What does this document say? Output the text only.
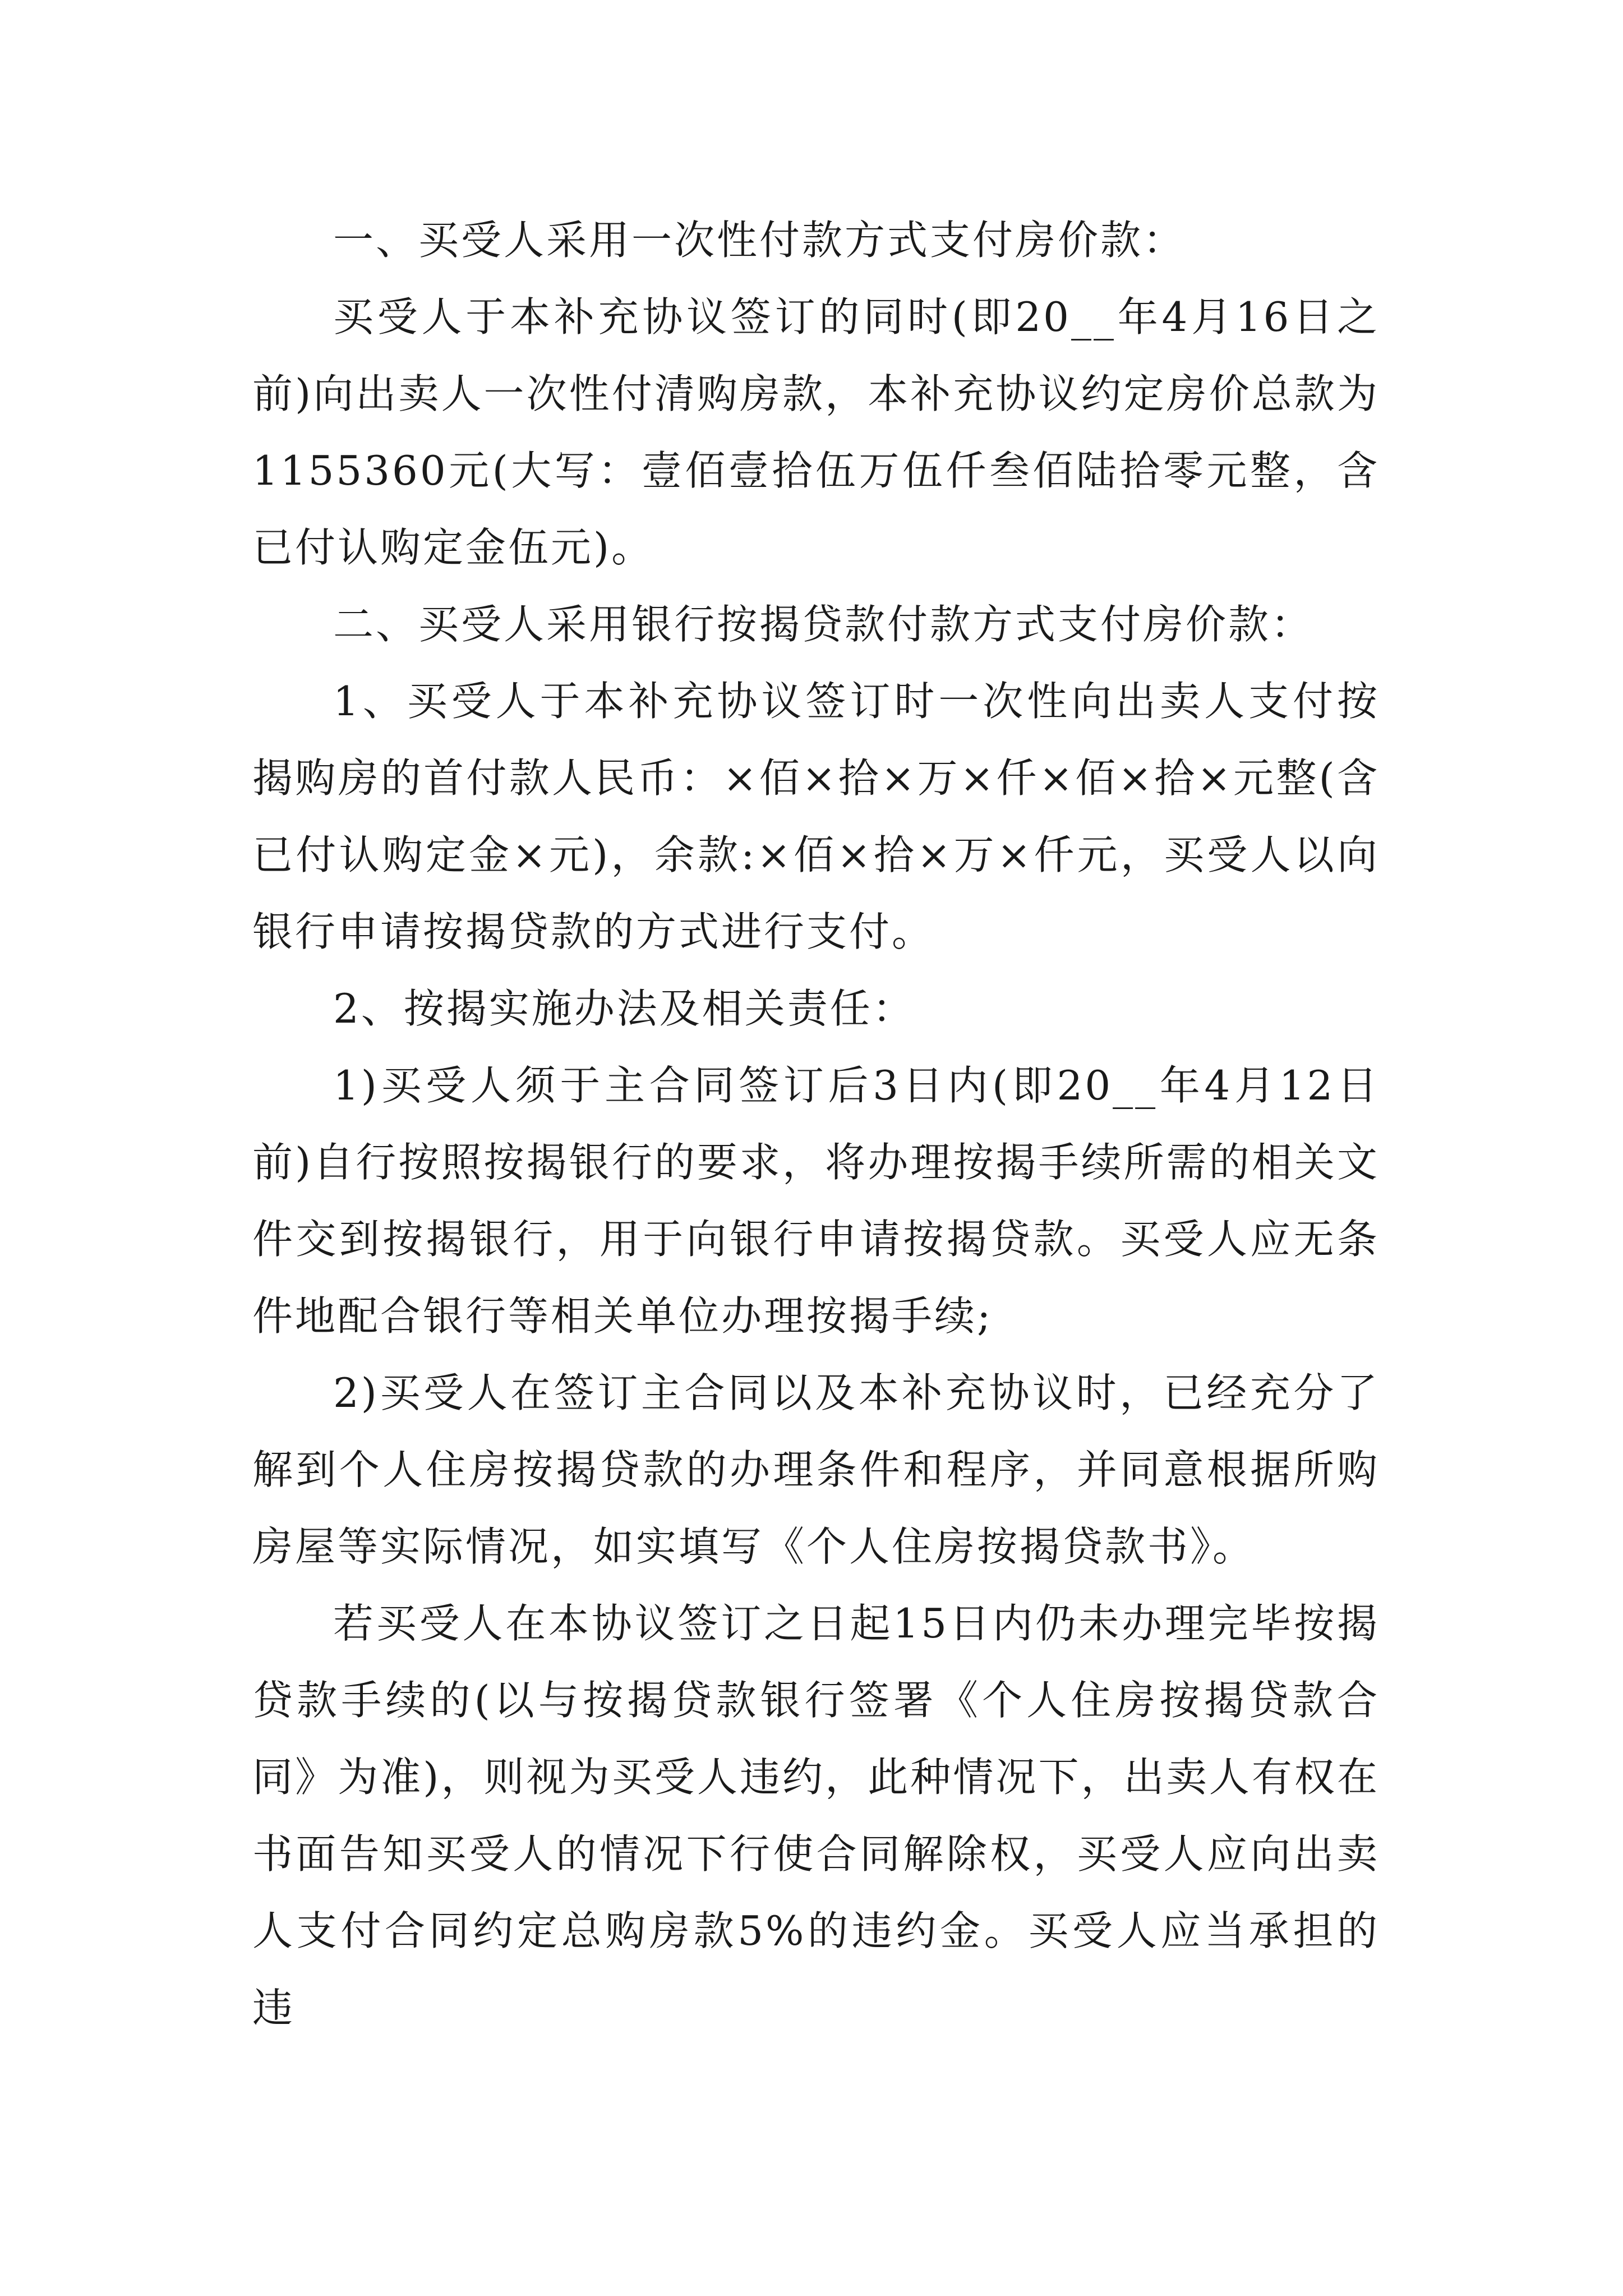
一、买受人采用一次性付款方式支付房价款：

买受人于本补充协议签订的同时(即20__年4月16日之前)向出卖人一次性付清购房款，本补充协议约定房价总款为1155360元(大写：壹佰壹拾伍万伍仟叁佰陆拾零元整，含已付认购定金伍元)。

二、买受人采用银行按揭贷款付款方式支付房价款：

1、买受人于本补充协议签订时一次性向出卖人支付按揭购房的首付款人民币：×佰×拾×万×仟×佰×拾×元整(含已付认购定金×元)，余款:×佰×拾×万×仟元，买受人以向银行申请按揭贷款的方式进行支付。

2、按揭实施办法及相关责任：

1)买受人须于主合同签订后3日内(即20__年4月12日前)自行按照按揭银行的要求，将办理按揭手续所需的相关文件交到按揭银行，用于向银行申请按揭贷款。买受人应无条件地配合银行等相关单位办理按揭手续;

2)买受人在签订主合同以及本补充协议时，已经充分了解到个人住房按揭贷款的办理条件和程序，并同意根据所购房屋等实际情况，如实填写《个人住房按揭贷款书》。

若买受人在本协议签订之日起15日内仍未办理完毕按揭贷款手续的(以与按揭贷款银行签署《个人住房按揭贷款合同》为准)，则视为买受人违约，此种情况下，出卖人有权在书面告知买受人的情况下行使合同解除权，买受人应向出卖人支付合同约定总购房款5%的违约金。买受人应当承担的违
